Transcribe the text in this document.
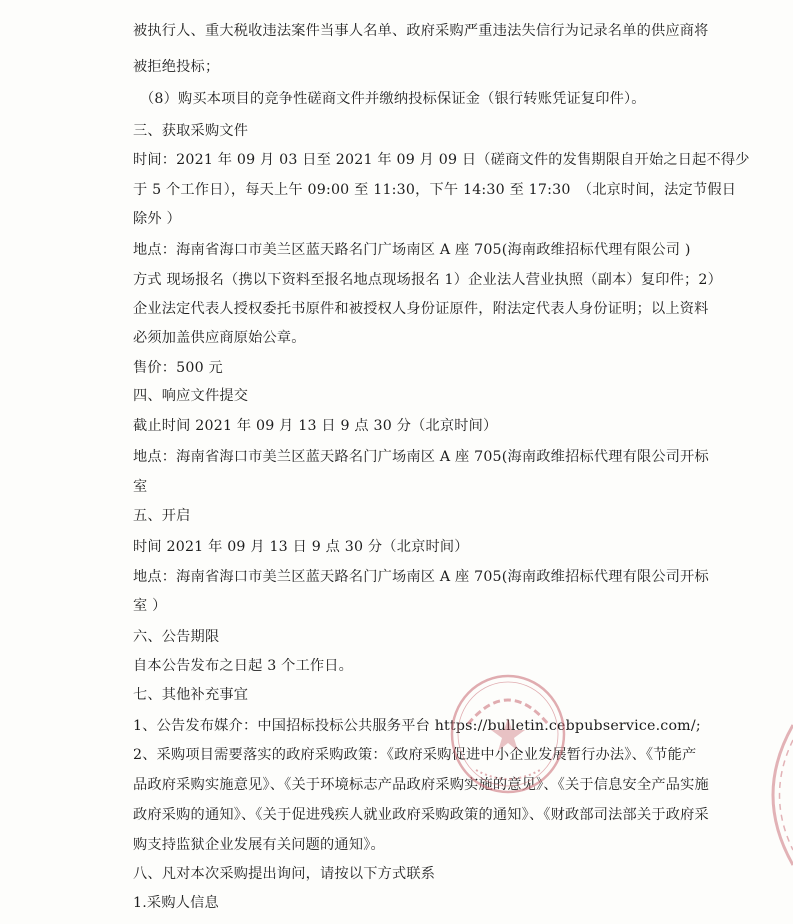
被执行人、重大税收违法案件当事人名单、政府采购严重违法失信行为记录名单的供应商将
被拒绝投标；
（8）购买本项目的竞争性磋商文件并缴纳投标保证金（银行转账凭证复印件）。
三、获取采购文件
时间：2021 年 09 月 03 日至 2021 年 09 月 09 日（磋商文件的发售期限自开始之日起不得少
于 5 个工作日），每天上午 09:00 至 11:30，下午 14:30 至 17:30　（北京时间，法定节假日
除外 ）
地点：海南省海口市美兰区蓝天路名门广场南区 A 座 705(海南政维招标代理有限公司 )
方式 现场报名（携以下资料至报名地点现场报名 1）企业法人营业执照（副本）复印件；2）
企业法定代表人授权委托书原件和被授权人身份证原件，附法定代表人身份证明；以上资料
必须加盖供应商原始公章。
售价：500 元
四、响应文件提交
截止时间 2021 年 09 月 13 日 9 点 30 分（北京时间）
地点：海南省海口市美兰区蓝天路名门广场南区 A 座 705(海南政维招标代理有限公司开标
室
五、开启
时间 2021 年 09 月 13 日 9 点 30 分（北京时间）
地点：海南省海口市美兰区蓝天路名门广场南区 A 座 705(海南政维招标代理有限公司开标
室 ）
六、公告期限
自本公告发布之日起 3 个工作日。
七、其他补充事宜
1、公告发布媒介：中国招标投标公共服务平台 https://bulletin.cebpubservice.com/;
2、采购项目需要落实的政府采购政策：《政府采购促进中小企业发展暂行办法》、《节能产
品政府采购实施意见》、《关于环境标志产品政府采购实施的意见》、《关于信息安全产品实施
政府采购的通知》、《关于促进残疾人就业政府采购政策的通知》、《财政部司法部关于政府采
购支持监狱企业发展有关问题的通知》。
八、凡对本次采购提出询问，请按以下方式联系
1.采购人信息
